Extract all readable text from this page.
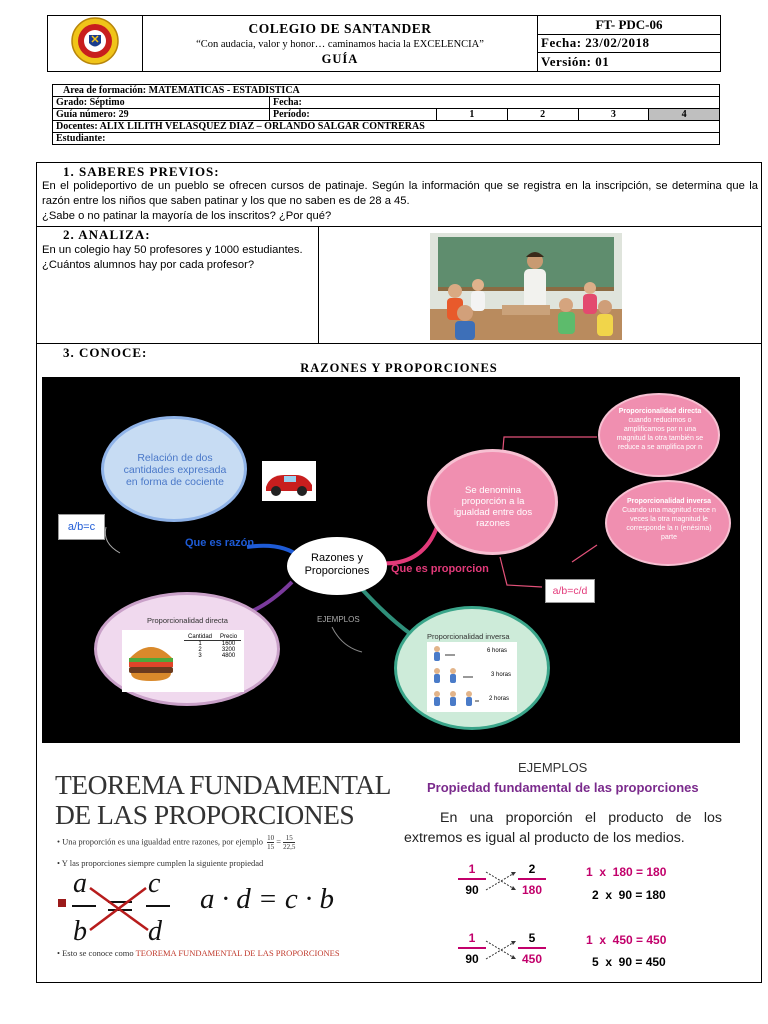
COLEGIO DE SANTANDER
“Con audacia, valor y honor… caminamos hacia la EXCELENCIA”
GUÍA
	FT- PDC-06
Fecha: 23/02/2018
Versión: 01
Area de formación: MATEMATICAS - ESTADÍSTICA					
Grado: Séptimo	Fecha:				
Guía número: 29	Período:	1	2	3	4
Docentes: ALIX LILITH VELASQUEZ DIAZ – ORLANDO SALGAR CONTRERAS					
Estudiante:					
1. SABERES PREVIOS:
En el polideportivo de un pueblo se ofrecen cursos de patinaje. Según la información que se registra en la inscripción, se determina que la razón entre los niños que saben patinar y los que no saben es de 28 a 45.
¿Sabe o no patinar la mayoría de los inscritos? ¿Por qué?
2. ANALIZA:
En un colegio hay 50 profesores y 1000 estudiantes.
¿Cuántos alumnos hay por cada profesor?
3. CONOCE:
RAZONES Y PROPORCIONES
Relación de dos cantidades expresada en forma de cociente
a/b=c
Que es razón
Razones y Proporciones
Se denomina proporción a la igualdad entre dos razones
Que es proporcion
a/b=c/d
Proporcionalidad directa cuando reducimos o amplificamos por n una magnitud la otra también se reduce a se amplifica por n
Proporcionalidad inversa Cuando una magnitud crece n veces la otra magnitud le corresponde la n (enésima) parte
Proporcionalidad directa
Cantidad	Precio
1	1600
2	3200
3	4800
EJEMPLOS
Proporcionalidad inversa
6 horas
3 horas
2 horas
TEOREMA FUNDAMENTAL
DE LAS PROPORCIONES
• Una proporción es una igualdad entre razones, por ejemplo $\frac{10}{15} = \frac{15}{22,5}$
• Y las proporciones siempre cumplen la siguiente propiedad
a
b
c
d
a · d = c · b
• Esto se conoce como TEOREMA FUNDAMENTAL DE LAS PROPORCIONES
EJEMPLOS
Propiedad fundamental de las proporciones
En una proporción el producto de los extremos es igual al producto de los medios.
1
90
2
180
1  x  180 = 180
2  x  90 = 180
1
90
5
450
1  x  450 = 450
5  x  90 = 450
